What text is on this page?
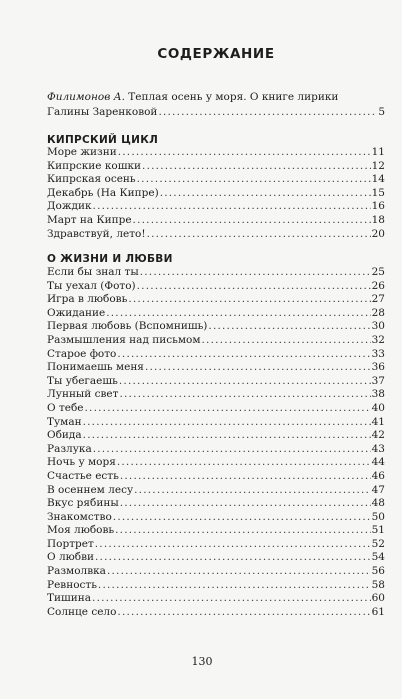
СОДЕРЖАНИЕ
Филимонов А. Теплая осень у моря. О книге лирики
Галины Заренковой .....	5
КИПРСКИЙ ЦИКЛ
Море жизни .....	11
Кипрские кошки .....	12
Кипрская осень .....	14
Декабрь (На Кипре) .....	15
Дождик .....	16
Март на Кипре .....	18
Здравствуй, лето! .....	20
О ЖИЗНИ И ЛЮБВИ
Если бы знал ты .....	25
Ты уехал (Фото) .....	26
Игра в любовь .....	27
Ожидание .....	28
Первая любовь (Вспомнишь) .....	30
Размышления над письмом .....	32
Старое фото .....	33
Понимаешь меня .....	36
Ты убегаешь .....	37
Лунный свет .....	38
О тебе .....	40
Туман .....	41
Обида .....	42
Разлука .....	43
Ночь у моря .....	44
Счастье есть .....	46
В осеннем лесу .....	47
Вкус рябины .....	48
Знакомство .....	50
Моя любовь .....	51
Портрет .....	52
О любви .....	54
Размолвка .....	56
Ревность .....	58
Тишина .....	60
Солнце село .....	61
130
